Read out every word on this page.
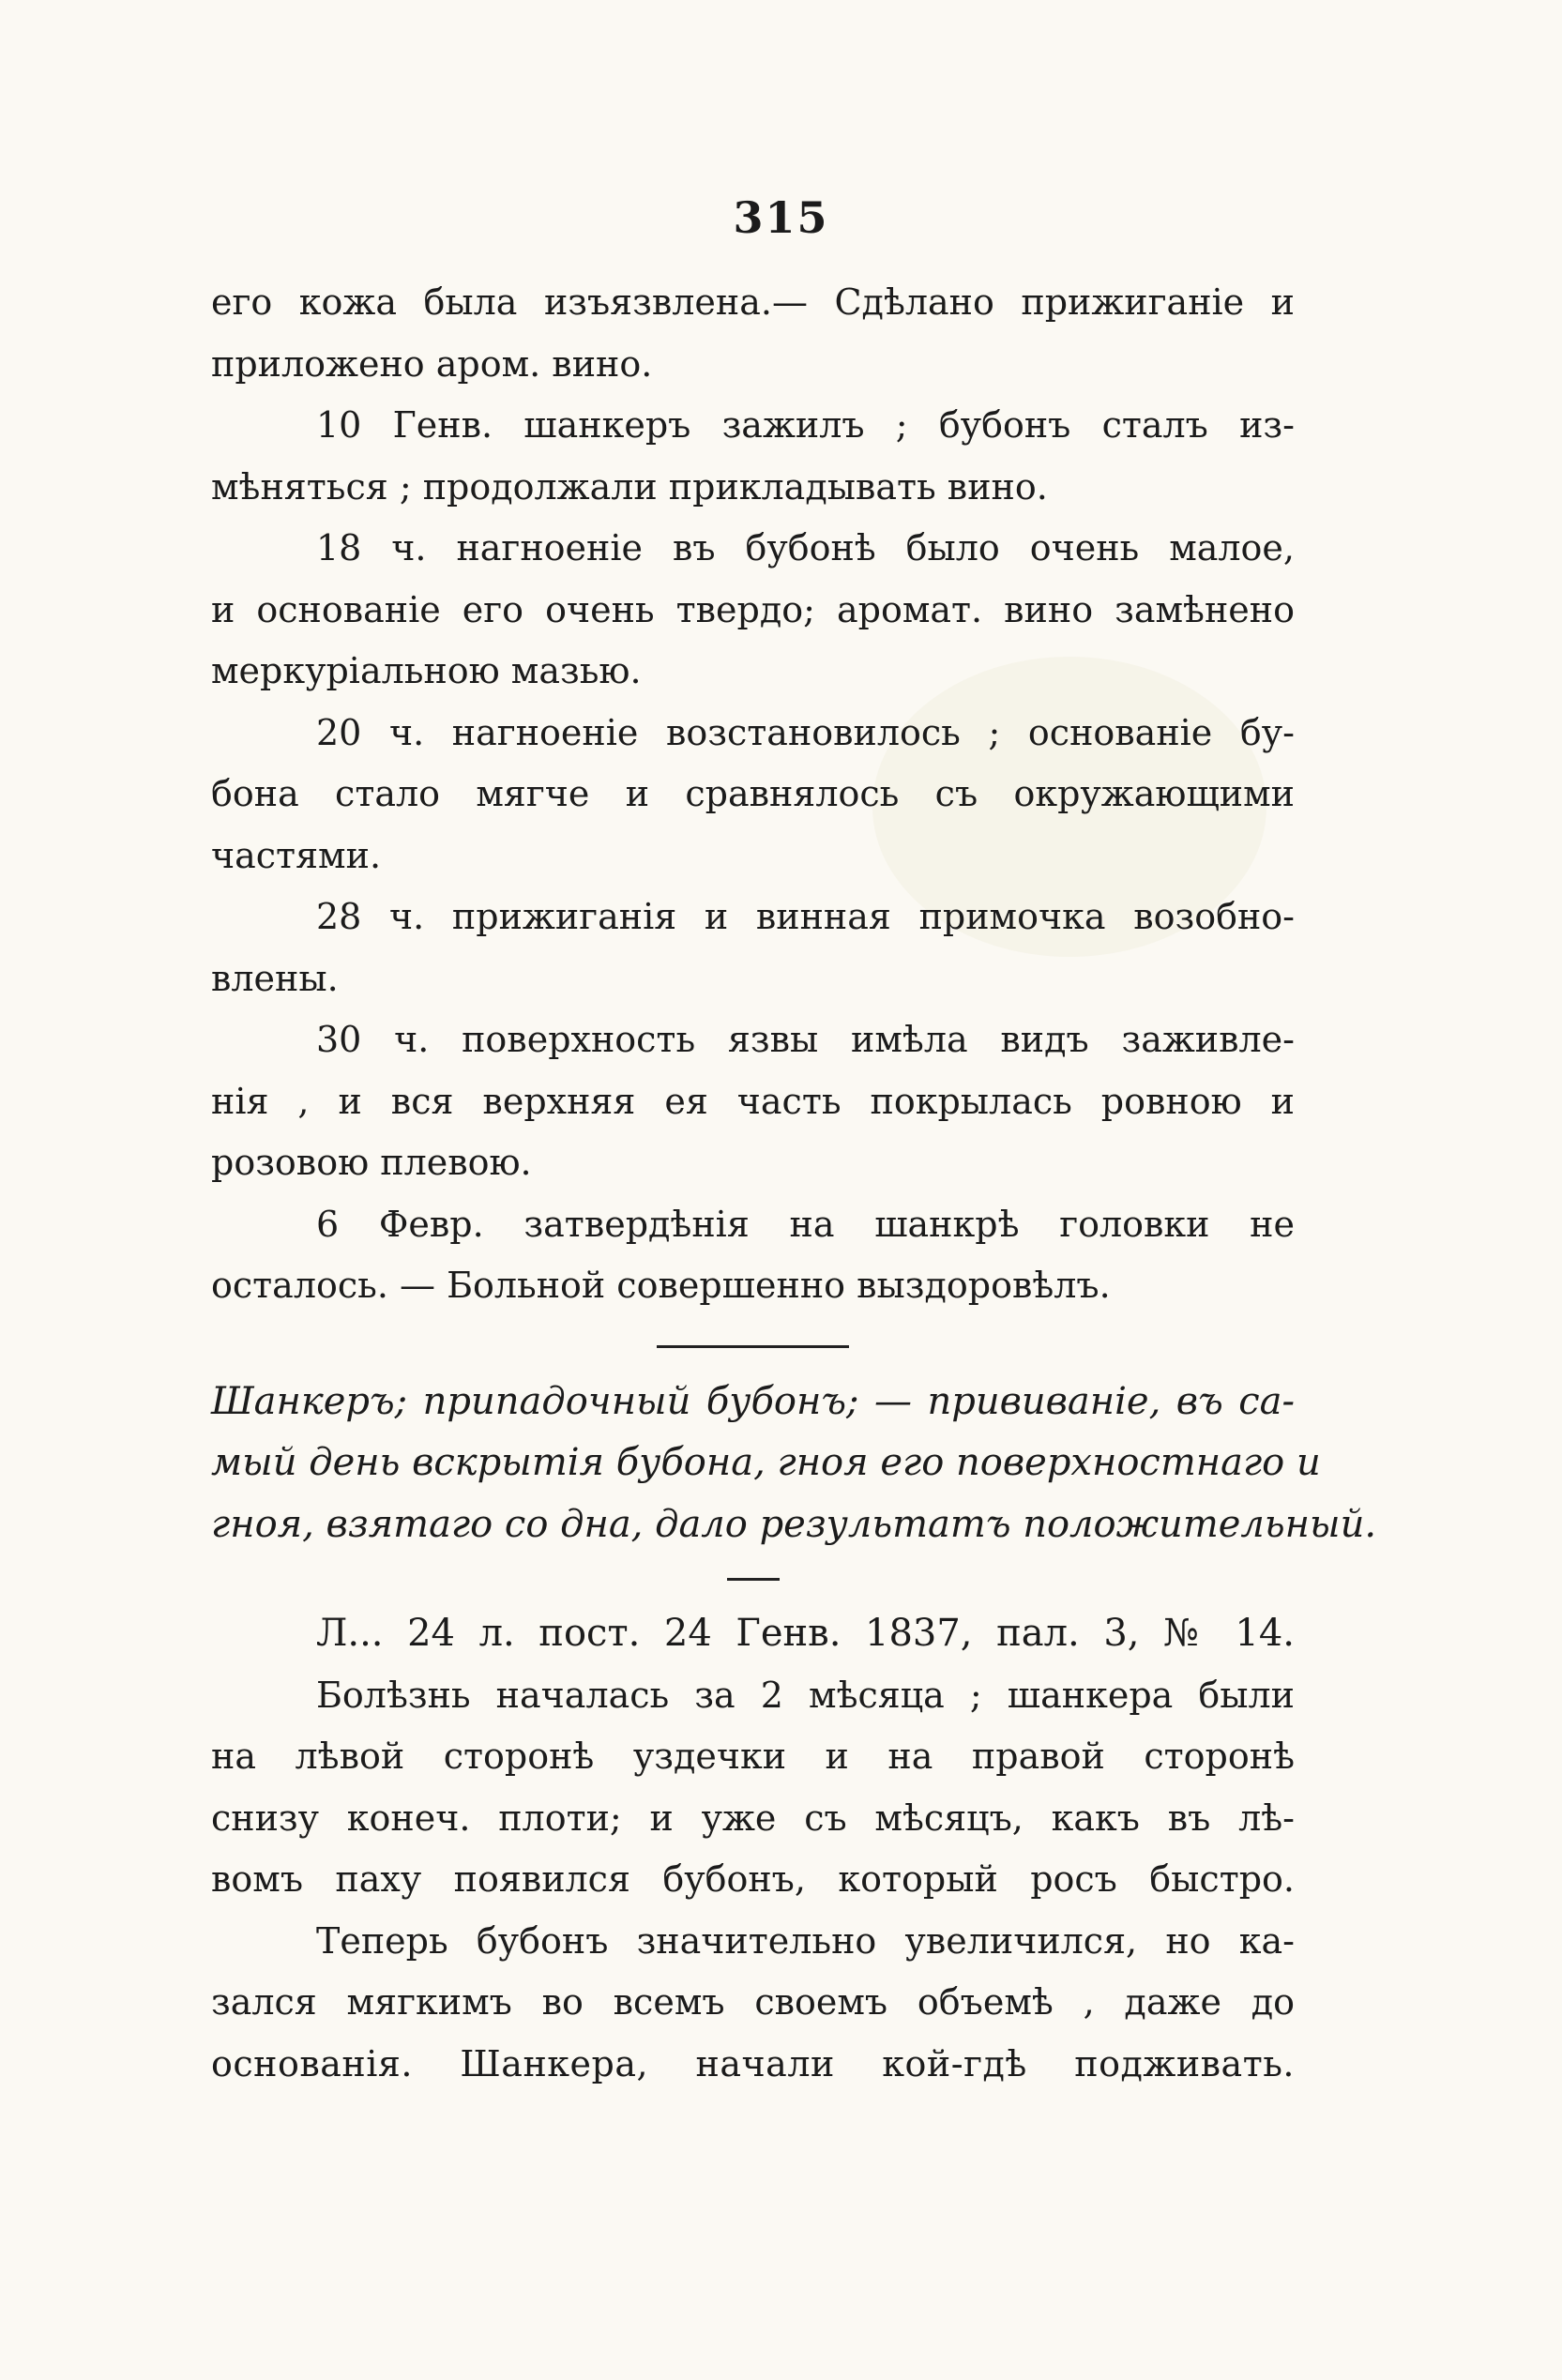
315

его кожа была изъязвлена.— Сдѣлано прижиганіе и
приложено аром. вино.

10 Генв. шанкеръ зажилъ ; бубонъ сталъ из-
мѣняться ; продолжали прикладывать вино.

18 ч. нагноеніе въ бубонѣ было очень малое,
и основаніе его очень твердо; аромат. вино замѣнено
меркуріальною мазью.

20 ч. нагноеніе возстановилось ; основаніе бу-
бона стало мягче и сравнялось съ окружающими
частями.

28 ч. прижиганія и винная примочка возобно-
влены.

30 ч. поверхность язвы имѣла видъ заживле-
нія , и вся верхняя ея часть покрылась ровною и
розовою плевою.

6 Февр. затвердѣнія на шанкрѣ головки не
осталось. — Больной совершенно выздоровѣлъ.

Шанкеръ; припадочный бубонъ; — прививаніе, въ са-
мый день вскрытія бубона, гноя его поверхностнаго и
гноя, взятаго со дна, дало результатъ положительный.

Л... 24 л. пост. 24 Генв. 1837, пал. 3, № 14.

Болѣзнь началась за 2 мѣсяца ; шанкера были
на лѣвой сторонѣ уздечки и на правой сторонѣ
снизу конеч. плоти; и уже съ мѣсяцъ, какъ въ лѣ-
вомъ паху появился бубонъ, который росъ быстро.

Теперь бубонъ значительно увеличился, но ка-
зался мягкимъ во всемъ своемъ объемѣ , даже до
основанія. Шанкера, начали кой-гдѣ подживать.
